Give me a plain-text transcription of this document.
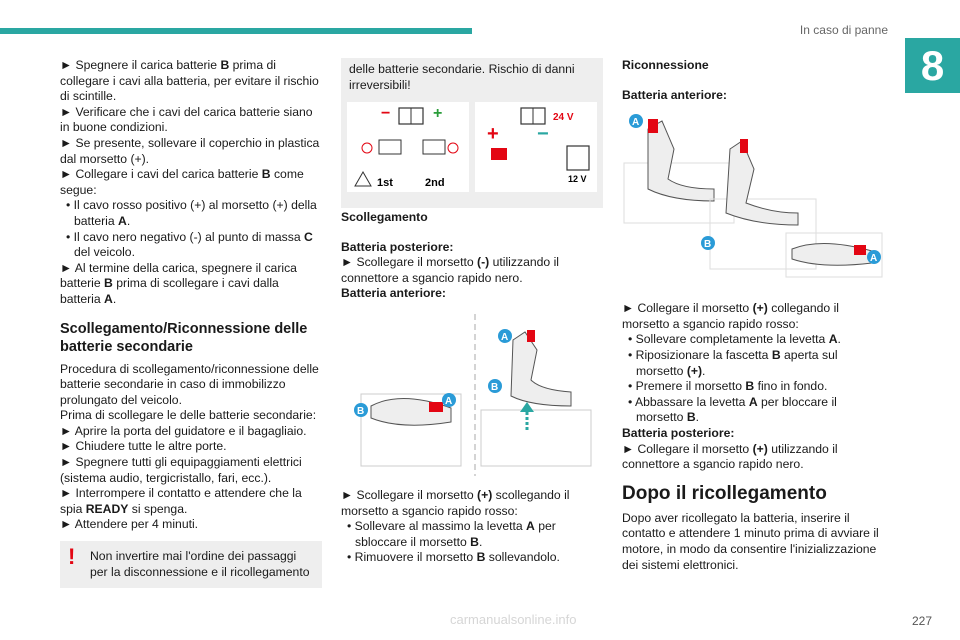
In caso di panne
8

► Spegnere il carica batterie B prima di collegare i cavi alla batteria, per evitare il rischio di scintille.

► Verificare che i cavi del carica batterie siano in buone condizioni.

► Se presente, sollevare il coperchio in plastica dal morsetto (+).

► Collegare i cavi del carica batterie B come segue:

• Il cavo rosso positivo (+) al morsetto (+) della batteria A.

• Il cavo nero negativo (-) al punto di massa C del veicolo.

► Al termine della carica, spegnere il carica batterie B prima di scollegare i cavi dalla batteria A.

Scollegamento/Riconnessione delle batterie secondarie

Procedura di scollegamento/riconnessione delle batterie secondarie in caso di immobilizzo prolungato del veicolo.

Prima di scollegare le delle batterie secondarie:

► Aprire la porta del guidatore e il bagagliaio.

► Chiudere tutte le altre porte.

► Spegnere tutti gli equipaggiamenti elettrici (sistema audio, tergicristallo, fari, ecc.).

► Interrompere il contatto e attendere che la spia READY si spenga.

► Attendere per 4 minuti.

! Non invertire mai l'ordine dei passaggi per la disconnessione e il ricollegamento
delle batterie secondarie. Rischio di danni irreversibili!
−	+
1st	2nd
24 V
+ −
12 V

Scollegamento

Batteria posteriore:

► Scollegare il morsetto (-) utilizzando il connettore a sgancio rapido nero.

Batteria anteriore:

A
B
A
B

► Scollegare il morsetto (+) scollegando il morsetto a sgancio rapido rosso:

• Sollevare al massimo la levetta A per sbloccare il morsetto B.

• Rimuovere il morsetto B sollevandolo.

Riconnessione

Batteria anteriore:

A
B
A

► Collegare il morsetto (+) collegando il morsetto a sgancio rapido rosso:

• Sollevare completamente la levetta A.

• Riposizionare la fascetta B aperta sul morsetto (+).

• Premere il morsetto B fino in fondo.

• Abbassare la levetta A per bloccare il morsetto B.

Batteria posteriore:

► Collegare il morsetto (+) utilizzando il connettore a sgancio rapido nero.

Dopo il ricollegamento

Dopo aver ricollegato la batteria, inserire il contatto e attendere 1 minuto prima di avviare il motore, in modo da consentire l'inizializzazione dei sistemi elettronici.

carmanualsonline.info	227
